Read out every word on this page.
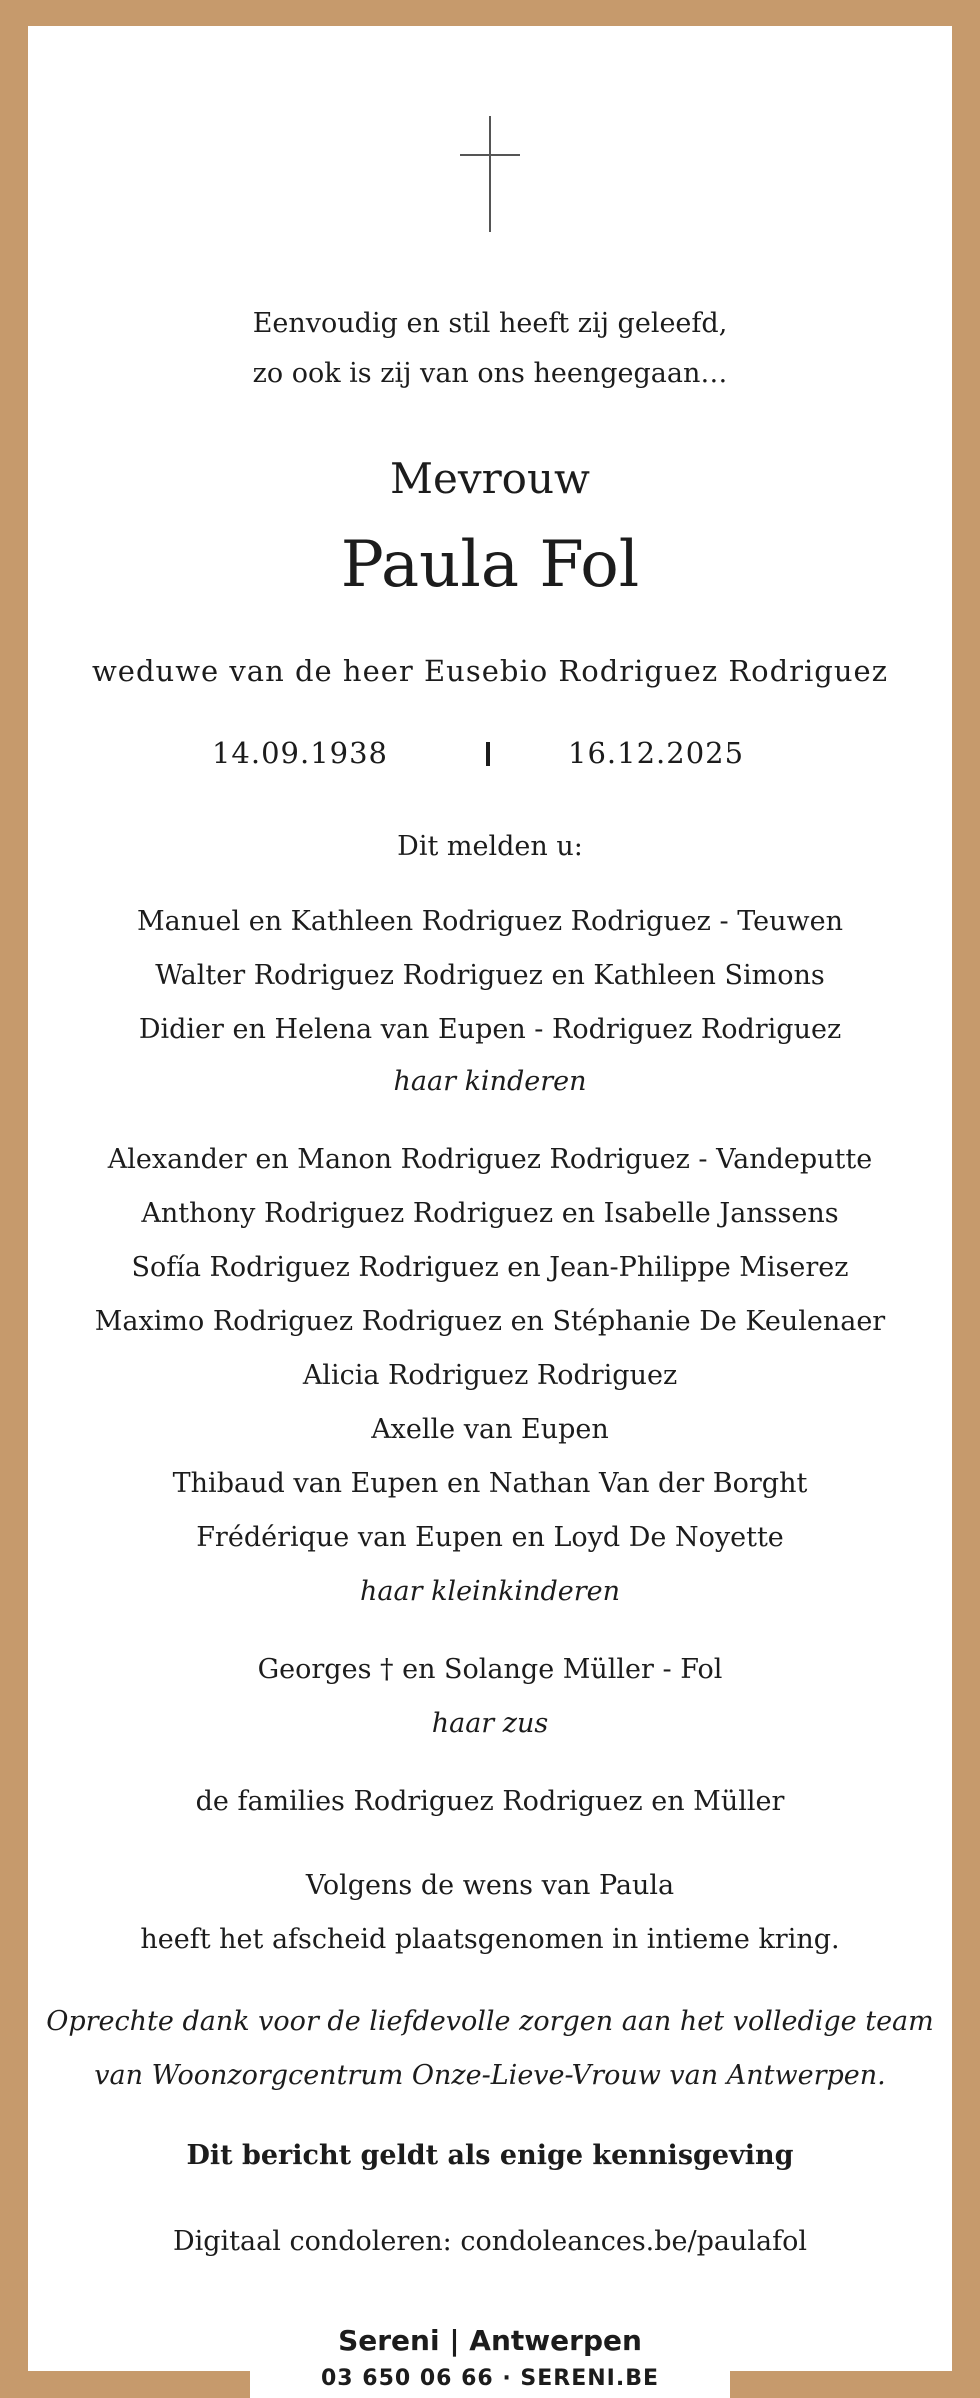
Eenvoudig en stil heeft zij geleefd,
zo ook is zij van ons heengegaan…
Mevrouw
Paula Fol
weduwe van de heer Eusebio Rodriguez Rodriguez
14.09.1938	16.12.2025
Dit melden u:
Manuel en Kathleen Rodriguez Rodriguez - Teuwen
Walter Rodriguez Rodriguez en Kathleen Simons
Didier en Helena van Eupen - Rodriguez Rodriguez
haar kinderen
Alexander en Manon Rodriguez Rodriguez - Vandeputte
Anthony Rodriguez Rodriguez en Isabelle Janssens
Sofía Rodriguez Rodriguez en Jean-Philippe Miserez
Maximo Rodriguez Rodriguez en Stéphanie De Keulenaer
Alicia Rodriguez Rodriguez
Axelle van Eupen
Thibaud van Eupen en Nathan Van der Borght
Frédérique van Eupen en Loyd De Noyette
haar kleinkinderen
Georges † en Solange Müller - Fol
haar zus
de families Rodriguez Rodriguez en Müller
Volgens de wens van Paula
heeft het afscheid plaatsgenomen in intieme kring.
Oprechte dank voor de liefdevolle zorgen aan het volledige team
van Woonzorgcentrum Onze-Lieve-Vrouw van Antwerpen.
Dit bericht geldt als enige kennisgeving
Digitaal condoleren: condoleances.be/paulafol
Sereni | Antwerpen
03 650 06 66 · SERENI.BE
